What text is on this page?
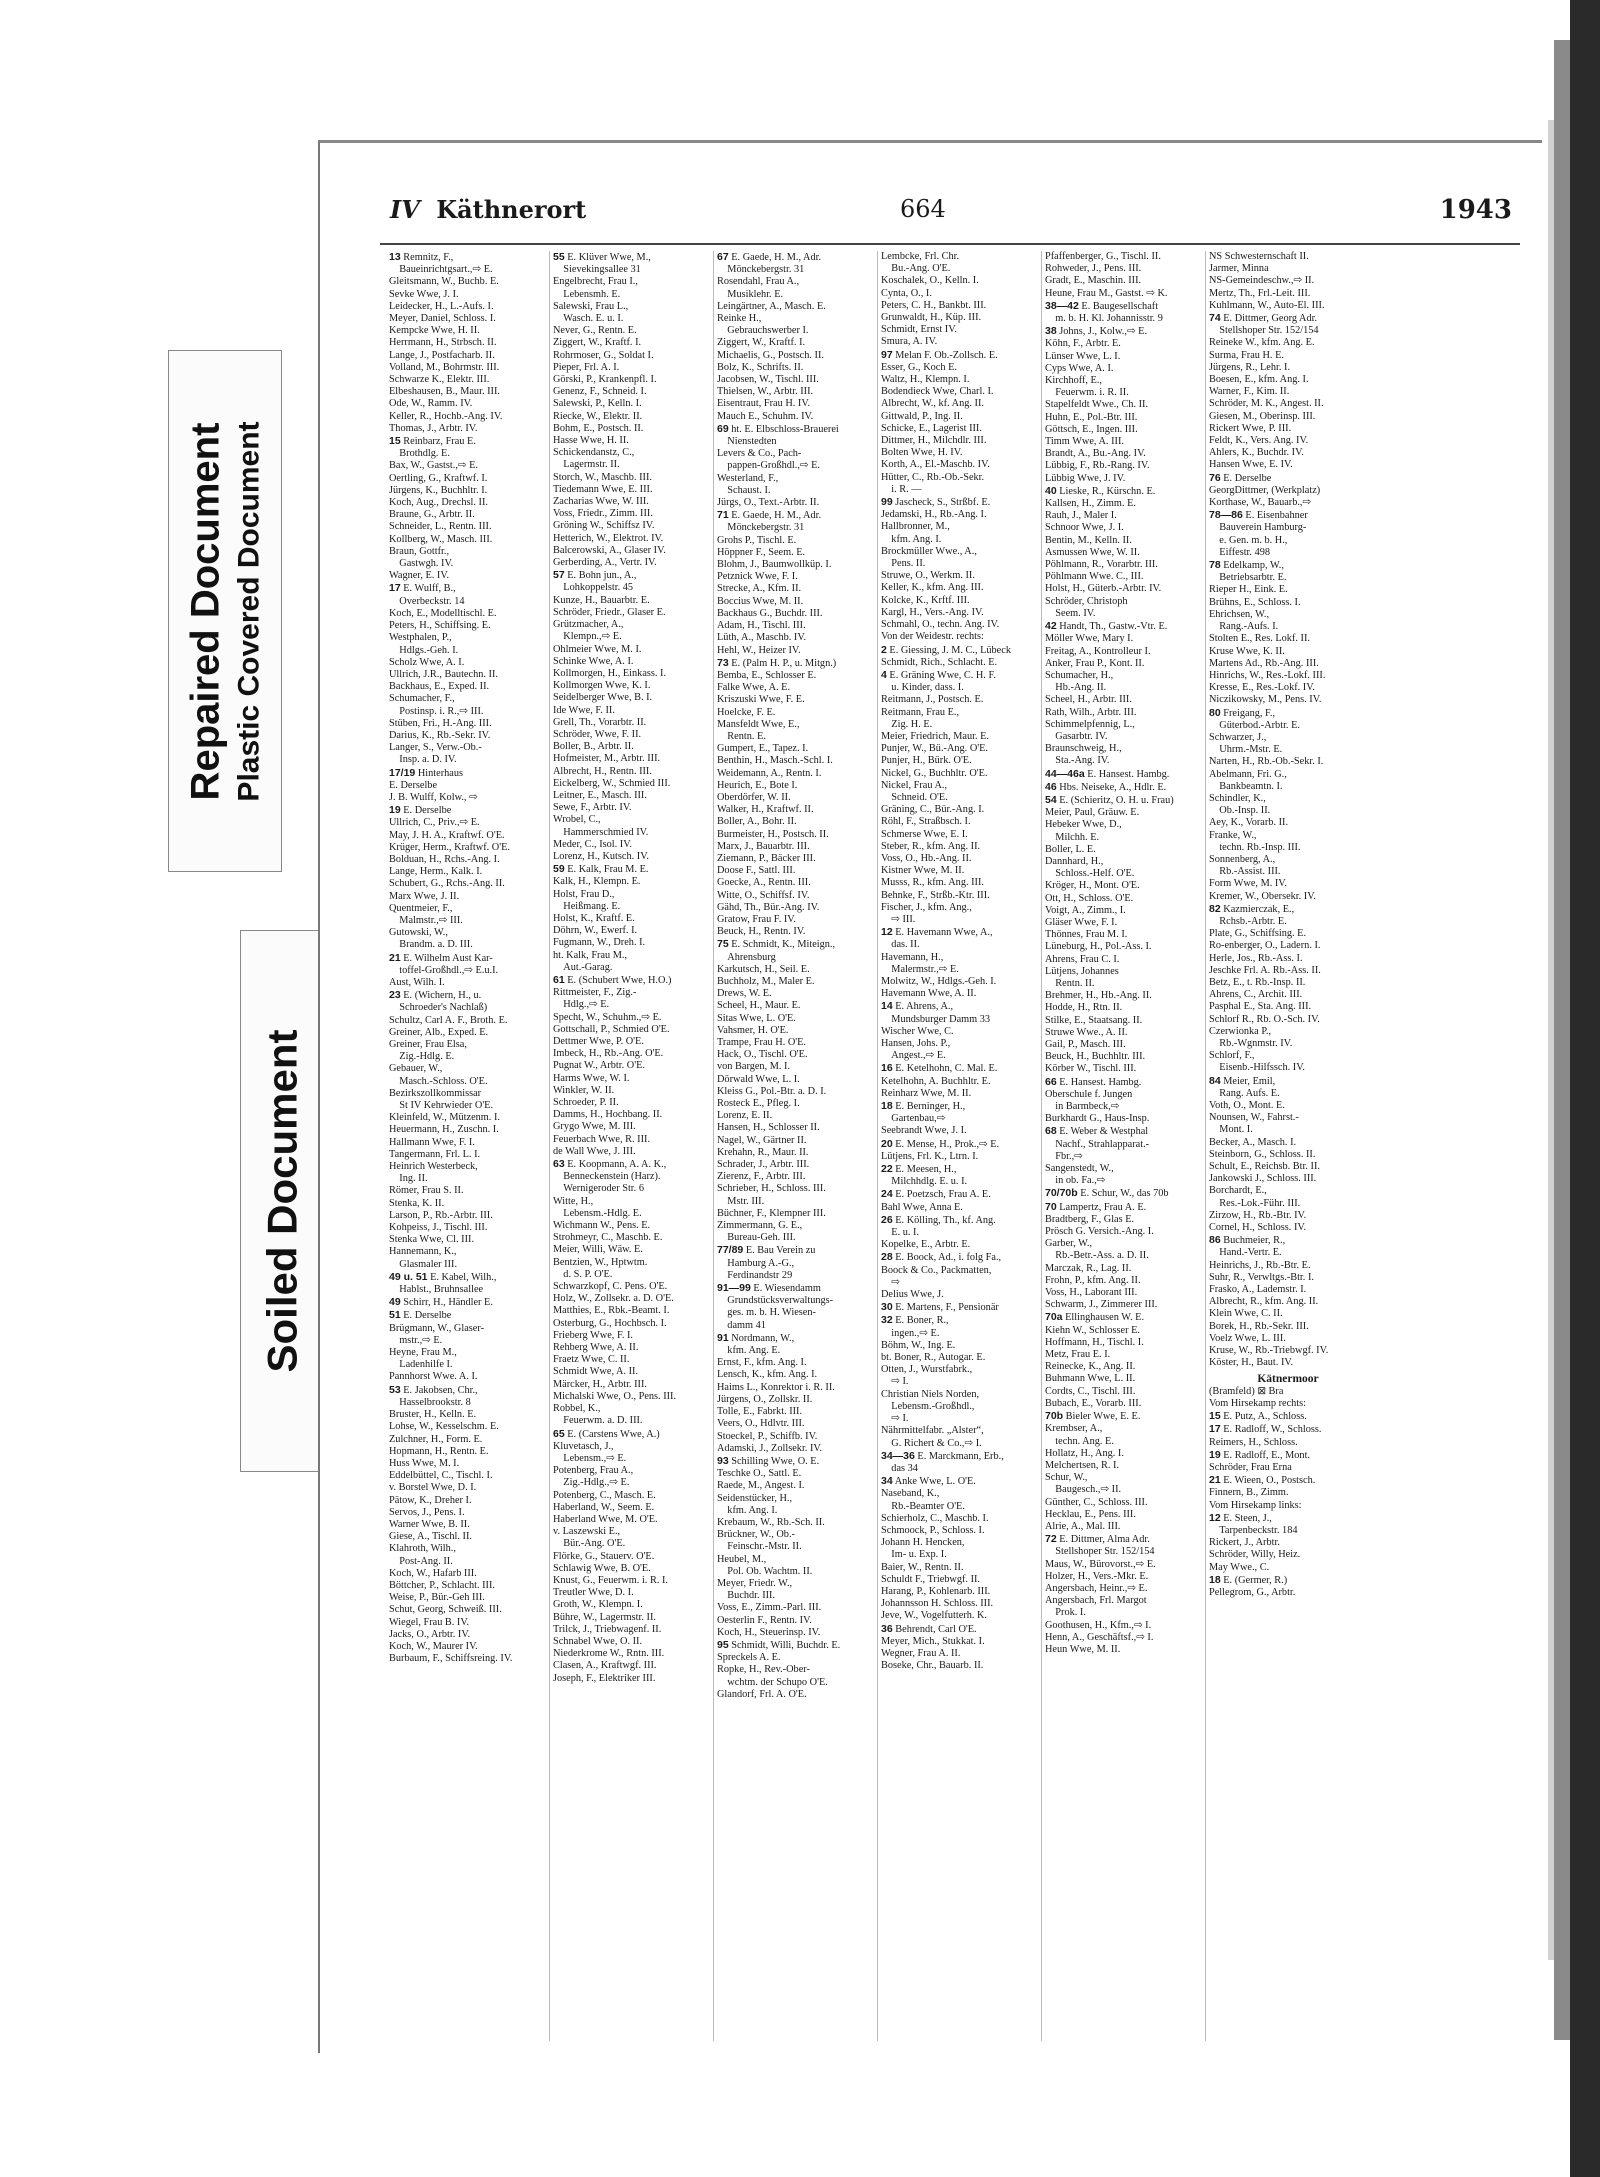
Repaired Document Plastic Covered Document
Soiled Document
IV Käthnerort	664	1943
13 Remnitz, F.,
 Baueinrichtgsart.,⇨ E.
Gleitsmann, W., Buchb. E.
Sevke Wwe, J. I.
Leidecker, H., L.-Aufs. I.
Meyer, Daniel, Schloss. I.
Kempcke Wwe, H. II.
Herrmann, H., Strbsch. II.
Lange, J., Postfacharb. II.
Volland, M., Bohrmstr. III.
Schwarze K., Elektr. III.
Elbeshausen, B., Maur. III.
Ode, W., Ramm. IV.
Keller, R., Hochb.-Ang. IV.
Thomas, J., Arbtr. IV.
15 Reinbarz, Frau E.
 Brothdlg. E.
Bax, W., Gastst.,⇨ E.
Oertling, G., Kraftwf. I.
Jürgens, K., Buchhltr. I.
Koch, Aug., Drechsl. II.
Braune, G., Arbtr. II.
Schneider, L., Rentn. III.
Kollberg, W., Masch. III.
Braun, Gottfr.,
 Gastwgh. IV.
Wagner, E. IV.
17 E. Wulff, B.,
 Overbeckstr. 14
Koch, E., Modelltischl. E.
Peters, H., Schiffsing. E.
Westphalen, P.,
 Hdlgs.-Geh. I.
Scholz Wwe, A. I.
Ullrich, J.R., Bautechn. II.
Backhaus, E., Exped. II.
Schumacher, F.,
 Postinsp. i. R.,⇨ III.
Stüben, Fri., H.-Ang. III.
Darius, K., Rb.-Sekr. IV.
Langer, S., Verw.-Ob.-
 Insp. a. D. IV.
17/19 Hinterhaus
E. Derselbe
J. B. Wulff, Kolw., ⇨
19 E. Derselbe
Ullrich, C., Priv.,⇨ E.
May, J. H. A., Kraftwf. O'E.
Krüger, Herm., Kraftwf. O'E.
Bolduan, H., Rchs.-Ang. I.
Lange, Herm., Kalk. I.
Schubert, G., Rchs.-Ang. II.
Marx Wwe, J. II.
Quentmeier, F.,
 Malmstr.,⇨ III.
Gutowski, W.,
 Brandm. a. D. III.
21 E. Wilhelm Aust Kar-
 toffel-Großhdl.,⇨ E.u.I.
Aust, Wilh. I.
23 E. (Wichern, H., u.
 Schroeder's Nachlaß)
Schultz, Carl A. F., Broth. E.
Greiner, Alb., Exped. E.
Greiner, Frau Elsa,
 Zig.-Hdlg. E.
Gebauer, W.,
 Masch.-Schloss. O'E.
Bezirkszollkommissar
 St IV Kehrwieder O'E.
Kleinfeld, W., Mützenm. I.
Heuermann, H., Zuschn. I.
Hallmann Wwe, F. I.
Tangermann, Frl. L. I.
Heinrich Westerbeck,
 Ing. II.
Römer, Frau S. II.
Stenka, K. II.
Larson, P., Rb.-Arbtr. III.
Kohpeiss, J., Tischl. III.
Stenka Wwe, Cl. III.
Hannemann, K.,
 Glasmaler III.
49 u. 51 E. Kabel, Wilh.,
 Hablst., Bruhnsallee
49 Schirr, H., Händler E.
51 E. Derselbe
Brügmann, W., Glaser-
 mstr.,⇨ E.
Heyne, Frau M.,
 Ladenhilfe I.
Pannhorst Wwe. A. I.
53 E. Jakobsen, Chr.,
 Hasselbrookstr. 8
Bruster, H., Kelln. E.
Lohse, W., Kesselschm. E.
Zulchner, H., Form. E.
Hopmann, H., Rentn. E.
Huss Wwe, M. I.
Eddelbüttel, C., Tischl. I.
v. Borstel Wwe, D. I.
Pätow, K., Dreher I.
Servos, J., Pens. I.
Warner Wwe, B. II.
Giese, A., Tischl. II.
Klahroth, Wilh.,
 Post-Ang. II.
Koch, W., Hafarb III.
Böttcher, P., Schlacht. III.
Weise, P., Bür.-Geh III.
Schut, Georg, Schweiß. III.
Wiegel, Frau B. IV.
Jacks, O., Arbtr. IV.
Koch, W., Maurer IV.
Burbaum, F., Schiffsreing. IV.
55 E. Klüver Wwe, M.,
 Sievekingsallee 31
Engelbrecht, Frau I.,
 Lebensmh. E.
Salewski, Frau L.,
 Wasch. E. u. I.
Never, G., Rentn. E.
Ziggert, W., Kraftf. I.
Rohrmoser, G., Soldat I.
Pieper, Frl. A. I.
Görski, P., Krankenpfl. I.
Genenz, F., Schneid. I.
Salewski, P., Kelln. I.
Riecke, W., Elektr. II.
Bohm, E., Postsch. II.
Hasse Wwe, H. II.
Schickendanstz, C.,
 Lagermstr. II.
Storch, W., Maschb. III.
Tiedemann Wwe, E. III.
Zacharias Wwe, W. III.
Voss, Friedr., Zimm. III.
Gröning W., Schiffsz IV.
Hetterich, W., Elektrot. IV.
Balcerowski, A., Glaser IV.
Gerberding, A., Vertr. IV.
57 E. Bohn jun., A.,
 Lohkoppelstr. 45
Kunze, H., Bauarbtr. E.
Schröder, Friedr., Glaser E.
Grützmacher, A.,
 Klempn.,⇨ E.
Ohlmeier Wwe, M. I.
Schinke Wwe, A. I.
Kollmorgen, H., Einkass. I.
Kollmorgen Wwe, K. I.
Seidelberger Wwe, B. I.
Ide Wwe, F. II.
Grell, Th., Vorarbtr. II.
Schröder, Wwe, F. II.
Boller, B., Arbtr. II.
Hofmeister, M., Arbtr. III.
Albrecht, H., Rentn. III.
Eickelberg, W., Schmied III.
Leitner, E., Masch. III.
Sewe, F., Arbtr. IV.
Wrobel, C.,
 Hammerschmied IV.
Meder, C., Isol. IV.
Lorenz, H., Kutsch. IV.
59 E. Kalk, Frau M. E.
Kalk, H., Klempn. E.
Holst, Frau D.,
 Heißmang. E.
Holst, K., Kraftf. E.
Döhrn, W., Ewerf. I.
Fugmann, W., Dreh. I.
ht. Kalk, Frau M.,
 Aut.-Garag.
61 E. (Schubert Wwe, H.O.)
Rittmeister, F., Zig.-
 Hdlg.,⇨ E.
Specht, W., Schuhm.,⇨ E.
Gottschall, P., Schmied O'E.
Dettmer Wwe, P. O'E.
Imbeck, H., Rb.-Ang. O'E.
Pugnat W., Arbtr. O'E.
Harms Wwe, W. I.
Winkler, W. II.
Schroeder, P. II.
Damms, H., Hochbang. II.
Grygo Wwe, M. III.
Feuerbach Wwe, R. III.
de Wall Wwe, J. III.
63 E. Koopmann, A. A. K.,
 Benneckenstein (Harz).
 Wernigeroder Str. 6
Witte, H.,
 Lebensm.-Hdlg. E.
Wichmann W., Pens. E.
Strohmeyr, C., Maschb. E.
Meier, Willi, Wäw. E.
Bentzien, W., Hptwtm.
 d. S. P. O'E.
Schwarzkopf, C. Pens. O'E.
Holz, W., Zollsekr. a. D. O'E.
Matthies, E., Rbk.-Beamt. I.
Osterburg, G., Hochbsch. I.
Frieberg Wwe, F. I.
Rehberg Wwe, A. II.
Fraetz Wwe, C. II.
Schmidt Wwe, A. II.
Märcker, H., Arbtr. III.
Michalski Wwe, O., Pens. III.
Robbel, K.,
 Feuerwm. a. D. III.
65 E. (Carstens Wwe, A.)
Kluvetasch, J.,
 Lebensm.,⇨ E.
Potenberg, Frau A.,
 Zig.-Hdlg.,⇨ E.
Potenberg, C., Masch. E.
Haberland, W., Seem. E.
Haberland Wwe, M. O'E.
v. Laszewski E.,
 Bür.-Ang. O'E.
Flörke, G., Stauerv. O'E.
Schlawig Wwe, B. O'E.
Knust, G., Feuerwm. i. R. I.
Treutler Wwe, D. I.
Groth, W., Klempn. I.
Bühre, W., Lagermstr. II.
Trilck, J., Triebwagenf. II.
Schnabel Wwe, O. II.
Niederkrome W., Rntn. III.
Clasen, A., Kraftwgf. III.
Joseph, F., Elektriker III.
67 E. Gaede, H. M., Adr.
 Mönckebergstr. 31
Rosendahl, Frau A.,
 Musiklehr. E.
Leingärtner, A., Masch. E.
Reinke H.,
 Gebrauchswerber I.
Ziggert, W., Kraftf. I.
Michaelis, G., Postsch. II.
Bolz, K., Schrifts. II.
Jacobsen, W., Tischl. III.
Thielsen, W., Arbtr. III.
Eisentraut, Frau H. IV.
Mauch E., Schuhm. IV.
69 ht. E. Elbschloss-Brauerei
 Nienstedten
Levers & Co., Pach-
 pappen-Großhdl.,⇨ E.
Westerland, F.,
 Schaust. I.
Jürgs, O., Text.-Arbtr. II.
71 E. Gaede, H. M., Adr.
 Mönckebergstr. 31
Grohs P., Tischl. E.
Höppner F., Seem. E.
Blohm, J., Baumwollküp. I.
Petznick Wwe, F. I.
Strecke, A., Kfm. II.
Boccius Wwe, M. II.
Backhaus G., Buchdr. III.
Adam, H., Tischl. III.
Lüth, A., Maschb. IV.
Hehl, W., Heizer IV.
73 E. (Palm H. P., u. Mitgn.)
Bemba, E., Schlosser E.
Falke Wwe, A. E.
Kriszuski Wwe, F. E.
Hoelcke, F. E.
Mansfeldt Wwe, E.,
 Rentn. E.
Gumpert, E., Tapez. I.
Benthin, H., Masch.-Schl. I.
Weidemann, A., Rentn. I.
Heurich, E., Bote I.
Oberdörfer, W. II.
Walker, H., Kraftwf. II.
Boller, A., Bohr. II.
Burmeister, H., Postsch. II.
Marx, J., Bauarbtr. III.
Ziemann, P., Bäcker III.
Doose F., Sattl. III.
Goecke, A., Rentn. III.
Witte, O., Schiffsf. IV.
Gähd, Th., Bür.-Ang. IV.
Gratow, Frau F. IV.
Beuck, H., Rentn. IV.
75 E. Schmidt, K., Miteign.,
 Ahrensburg
Karkutsch, H., Seil. E.
Buchholz, M., Maler E.
Drews, W. E.
Scheel, H., Maur. E.
Sitas Wwe, L. O'E.
Vahsmer, H. O'E.
Trampe, Frau H. O'E.
Hack, O., Tischl. O'E.
von Bargen, M. I.
Dörwald Wwe, L. I.
Kleiss G., Pol.-Btr. a. D. I.
Rosteck E., Pfleg. I.
Lorenz, E. II.
Hansen, H., Schlosser II.
Nagel, W., Gärtner II.
Krehahn, R., Maur. II.
Schrader, J., Arbtr. III.
Zierenz, F., Arbtr. III.
Schrieber, H., Schloss. III.
 Mstr. III.
Büchner, F., Klempner III.
Zimmermann, G. E.,
 Bureau-Geh. III.
77/89 E. Bau Verein zu
 Hamburg A.-G.,
 Ferdinandstr 29
91—99 E. Wiesendamm
 Grundstücksverwaltungs-
 ges. m. b. H. Wiesen-
 damm 41
91 Nordmann, W.,
 kfm. Ang. E.
Ernst, F., kfm. Ang. I.
Lensch, K., kfm. Ang. I.
Haims L., Konrektor i. R. II.
Jürgens, O., Zollskr. II.
Tolle, E., Fabrkt. III.
Veers, O., Hdlvtr. III.
Stoeckel, P., Schiffb. IV.
Adamski, J., Zollsekr. IV.
93 Schilling Wwe, O. E.
Teschke O., Sattl. E.
Raede, M., Angest. I.
Seidenstücker, H.,
 kfm. Ang. I.
Krebaum, W., Rb.-Sch. II.
Brückner, W., Ob.-
 Feinschr.-Mstr. II.
Heubel, M.,
 Pol. Ob. Wachtm. II.
Meyer, Friedr. W.,
 Buchdr. III.
Voss, E., Zimm.-Parl. III.
Oesterlin F., Rentn. IV.
Koch, H., Steuerinsp. IV.
95 Schmidt, Willi, Buchdr. E.
Spreckels A. E.
Ropke, H., Rev.-Ober-
 wchtm. der Schupo O'E.
Glandorf, Frl. A. O'E.
Lembcke, Frl. Chr.
 Bu.-Ang. O'E.
Koschalek, O., Kelln. I.
Cynta, O., I.
Peters, C. H., Bankbt. III.
Grunwaldt, H., Küp. III.
Schmidt, Ernst IV.
Smura, A. IV.
97 Melan F. Ob.-Zollsch. E.
Esser, G., Koch E.
Waltz, H., Klempn. I.
Bodendieck Wwe, Charl. I.
Albrecht, W., kf. Ang. II.
Gittwald, P., Ing. II.
Schicke, E., Lagerist III.
Dittmer, H., Milchdlr. III.
Bolten Wwe, H. IV.
Korth, A., El.-Maschb. IV.
Hütter, C., Rb.-Ob.-Sekr.
 i. R. —
99 Jascheck, S., Strßbf. E.
Jedamski, H., Rb.-Ang. I.
Hallbronner, M.,
 kfm. Ang. I.
Brockmüller Wwe., A.,
 Pens. II.
Struwe, O., Werkm. II.
Keller, K., kfm. Ang. III.
Kolcke, K., Krftf. III.
Kargl, H., Vers.-Ang. IV.
Schmahl, O., techn. Ang. IV.
Von der Weidestr. rechts:
2 E. Giessing, J. M. C., Lübeck
Schmidt, Rich., Schlacht. E.
4 E. Gräning Wwe, C. H. F.
 u. Kinder, dass. I.
Reitmann, J., Postsch. E.
Reitmann, Frau E.,
 Zig. H. E.
Meier, Friedrich, Maur. E.
Punjer, W., Bü.-Ang. O'E.
Punjer, H., Bürk. O'E.
Nickel, G., Buchhltr. O'E.
Nickel, Frau A.,
 Schneid. O'E.
Gräning, C., Bür.-Ang. I.
Röhl, F., Straßbsch. I.
Schmerse Wwe, E. I.
Steber, R., kfm. Ang. II.
Voss, O., Hb.-Ang. II.
Kistner Wwe, M. II.
Musss, R., kfm. Ang. III.
Behnke, F., Strßb.-Ktr. III.
Fischer, J., kfm. Ang.,
 ⇨ III.
12 E. Havemann Wwe, A.,
 das. II.
Havemann, H.,
 Malermstr.,⇨ E.
Molwitz, W., Hdlgs.-Geh. I.
Havemann Wwe, A. II.
14 E. Ahrens, A.,
 Mundsburger Damm 33
Wischer Wwe, C.
Hansen, Johs. P.,
 Angest.,⇨ E.
16 E. Ketelhohn, C. Mal. E.
Ketelhohn, A. Buchhltr. E.
Reinharz Wwe, M. II.
18 E. Berninger, H.,
 Gartenbau,⇨
Seebrandt Wwe, J. I.
20 E. Mense, H., Prok.,⇨ E.
Lütjens, Frl. K., Ltrn. I.
22 E. Meesen, H.,
 Milchhdlg. E. u. I.
24 E. Poetzsch, Frau A. E.
Bahl Wwe, Anna E.
26 E. Kölling, Th., kf. Ang.
 E. u. I.
Kopelke, E., Arbtr. E.
28 E. Boock, Ad., i. folg Fa.,
Boock & Co., Packmatten,
 ⇨
Delius Wwe, J.
30 E. Martens, F., Pensionär
32 E. Boner, R.,
 ingen.,⇨ E.
Böhm, W., Ing. E.
bt. Boner, R., Autogar. E.
Otten, J., Wurstfabrk.,
 ⇨ I.
Christian Niels Norden,
 Lebensm.-Großhdl.,
 ⇨ I.
Nährmittelfabr. „Alster“,
 G. Richert & Co.,⇨ I.
34—36 E. Marckmann, Erb.,
 das 34
34 Anke Wwe, L. O'E.
Naseband, K.,
 Rb.-Beamter O'E.
Schierholz, C., Maschb. I.
Schmoock, P., Schloss. I.
Johann H. Hencken,
 Im- u. Exp. I.
Baier, W., Rentn. II.
Schuldt F., Triebwgf. II.
Harang, P., Kohlenarb. III.
Johannsson H. Schloss. III.
Jeve, W., Vogelfutterh. K.
36 Behrendt, Carl O'E.
Meyer, Mich., Stukkat. I.
Wegner, Frau A. II.
Boseke, Chr., Bauarb. II.
Pfaffenberger, G., Tischl. II.
Rohweder, J., Pens. III.
Gradt, E., Maschin. III.
Heune, Frau M., Gastst. ⇨ K.
38—42 E. Baugesellschaft
 m. b. H. Kl. Johannisstr. 9
38 Johns, J., Kolw.,⇨ E.
Köhn, F., Arbtr. E.
Lünser Wwe, L. I.
Cyps Wwe, A. I.
Kirchhoff, E.,
 Feuerwm. i. R. II.
Stapelfeldt Wwe., Ch. II.
Huhn, E., Pol.-Btr. III.
Göttsch, E., Ingen. III.
Timm Wwe, A. III.
Brandt, A., Bu.-Ang. IV.
Lübbig, F., Rb.-Rang. IV.
Lübbig Wwe, J. IV.
40 Lieske, R., Kürschn. E.
Kallsen, H., Zimm. E.
Rauh, J., Maler I.
Schnoor Wwe, J. I.
Bentin, M., Kelln. II.
Asmussen Wwe, W. II.
Pöhlmann, R., Vorarbtr. III.
Pöhlmann Wwe. C., III.
Holst, H., Güterb.-Arbtr. IV.
Schröder, Christoph
 Seem. IV.
42 Handt, Th., Gastw.-Vtr. E.
Möller Wwe, Mary I.
Freitag, A., Kontrolleur I.
Anker, Frau P., Kont. II.
Schumacher, H.,
 Hb.-Ang. II.
Scheel, H., Arbtr. III.
Rath, Wilh., Arbtr. III.
Schimmelpfennig, L.,
 Gasarbtr. IV.
Braunschweig, H.,
 Sta.-Ang. IV.
44—46a E. Hansest. Hambg.
46 Hbs. Neiseke, A., Hdlr. E.
54 E. (Schieritz, O. H. u. Frau)
Meier, Paul, Gräuw. E.
Hebeker Wwe, D.,
 Milchh. E.
Boller, L. E.
Dannhard, H.,
 Schloss.-Helf. O'E.
Kröger, H., Mont. O'E.
Ott, H., Schloss. O'E.
Voigt, A., Zimm., I.
Gläser Wwe, F. I.
Thönnes, Frau M. I.
Lüneburg, H., Pol.-Ass. I.
Ahrens, Frau C. I.
Lütjens, Johannes
 Rentn. II.
Brehmer, H., Hb.-Ang. II.
Hodde, H., Rtn. II.
Stilke, E., Staatsang. II.
Struwe Wwe., A. II.
Gail, P., Masch. III.
Beuck, H., Buchhltr. III.
Körber W., Tischl. III.
66 E. Hansest. Hambg.
Oberschule f. Jungen
 in Barmbeck,⇨
Burkhardt G., Haus-Insp.
68 E. Weber & Westphal
 Nachf., Strahlapparat.-
 Fbr.,⇨
Sangenstedt, W.,
 in ob. Fa.,⇨
70/70b E. Schur, W., das 70b
70 Lampertz, Frau A. E.
Bradtberg, F., Glas E.
Prösch G. Versich.-Ang. I.
Garber, W.,
 Rb.-Betr.-Ass. a. D. II.
Marczak, R., Lag. II.
Frohn, P., kfm. Ang. II.
Voss, H., Laborant III.
Schwarm, J., Zimmerer III.
70a Ellinghausen W. E.
Kiehn W., Schlosser E.
Hoffmann, H., Tischl. I.
Metz, Frau E. I.
Reinecke, K., Ang. II.
Buhmann Wwe, L. II.
Cordts, C., Tischl. III.
Bubach, E., Vorarb. III.
70b Bieler Wwe, E. E.
Krembser, A.,
 techn. Ang. E.
Hollatz, H., Ang. I.
Melchertsen, R. I.
Schur, W.,
 Baugesch.,⇨ II.
Günther, C., Schloss. III.
Hecklau, E., Pens. III.
Alrie, A., Mal. III.
72 E. Dittmer, Alma Adr.
 Stellshoper Str. 152/154
Maus, W., Bürovorst.,⇨ E.
Holzer, H., Vers.-Mkr. E.
Angersbach, Heinr.,⇨ E.
Angersbach, Frl. Margot
 Prok. I.
Goothusen, H., Kfm.,⇨ I.
Henn, A., Geschäftsf.,⇨ I.
Heun Wwe, M. II.
NS Schwesternschaft II.
Jarmer, Minna
NS-Gemeindeschw.,⇨ II.
Mertz, Th., Frl.-Leit. III.
Kuhlmann, W., Auto-El. III.
74 E. Dittmer, Georg Adr.
 Stellshoper Str. 152/154
Reineke W., kfm. Ang. E.
Surma, Frau H. E.
Jürgens, R., Lehr. I.
Boesen, E., kfm. Ang. I.
Warner, F., Kim. II.
Schröder, M. K., Angest. II.
Giesen, M., Oberinsp. III.
Rickert Wwe, P. III.
Feldt, K., Vers. Ang. IV.
Ahlers, K., Buchdr. IV.
Hansen Wwe, E. IV.
76 E. Derselbe
GeorgDittmer, (Werkplatz)
Korthase, W., Bauarb.,⇨
78—86 E. Eisenbahner
 Bauverein Hamburg-
 e. Gen. m. b. H.,
 Eiffestr. 498
78 Edelkamp, W.,
 Betriebsarbtr. E.
Rieper H., Eink. E.
Brühns, E., Schloss. I.
Ehrichsen, W.,
 Rang.-Aufs. I.
Stolten E., Res. Lokf. II.
Kruse Wwe, K. II.
Martens Ad., Rb.-Ang. III.
Hinrichs, W., Res.-Lokf. III.
Kresse, E., Res.-Lokf. IV.
Niczikowsky, M., Pens. IV.
80 Freigang, F.,
 Güterbod.-Arbtr. E.
Schwarzer, J.,
 Uhrm.-Mstr. E.
Narten, H., Rb.-Ob.-Sekr. I.
Abelmann, Fri. G.,
 Bankbeamtn. I.
Schindler, K.,
 Ob.-Insp. II.
Aey, K., Vorarb. II.
Franke, W.,
 techn. Rb.-Insp. III.
Sonnenberg, A.,
 Rb.-Assist. III.
Form Wwe, M. IV.
Kremer, W., Obersekr. IV.
82 Kazmierczak, E.,
 Rchsb.-Arbtr. E.
Plate, G., Schiffsing. E.
Ro-enberger, O., Ladern. I.
Herle, Jos., Rb.-Ass. I.
Jeschke Frl. A. Rb.-Ass. II.
Betz, E., t. Rb.-Insp. II.
Ahrens, C., Archit. III.
Pasphal E., Sta. Ang. III.
Schlorf R., Rb. O.-Sch. IV.
Czerwionka P.,
 Rb.-Wgnmstr. IV.
Schlorf, F.,
 Eisenb.-Hilfssch. IV.
84 Meier, Emil,
 Rang. Aufs. E.
Voth, O., Mont. E.
Nounsen, W., Fahrst.-
 Mont. I.
Becker, A., Masch. I.
Steinborn, G., Schloss. II.
Schult, E., Reichsb. Btr. II.
Jankowski J., Schloss. III.
Borchardt, E.,
 Res.-Lok.-Führ. III.
Zirzow, H., Rb.-Btr. IV.
Cornel, H., Schloss. IV.
86 Buchmeier, R.,
 Hand.-Vertr. E.
Heinrichs, J., Rb.-Btr. E.
Suhr, R., Verwltgs.-Btr. I.
Frasko, A., Lademstr. I.
Albrecht, R., kfm. Ang. II.
Klein Wwe, C. II.
Borek, H., Rb.-Sekr. III.
Voelz Wwe, L. III.
Kruse, W., Rb.-Triebwgf. IV.
Köster, H., Baut. IV.
Kätnermoor
(Bramfeld) ⊠ Bra
Vom Hirsekamp rechts:
15 E. Putz, A., Schloss.
17 E. Radloff, W., Schloss.
Reimers, H., Schloss.
19 E. Radloff, E., Mont.
Schröder, Frau Erna
21 E. Wieen, O., Postsch.
Finnern, B., Zimm.
Vom Hirsekamp links:
12 E. Steen, J.,
 Tarpenbeckstr. 184
Rickert, J., Arbtr.
Schröder, Willy, Heiz.
May Wwe., C.
18 E. (Germer, R.)
Pellegrom, G., Arbtr.
